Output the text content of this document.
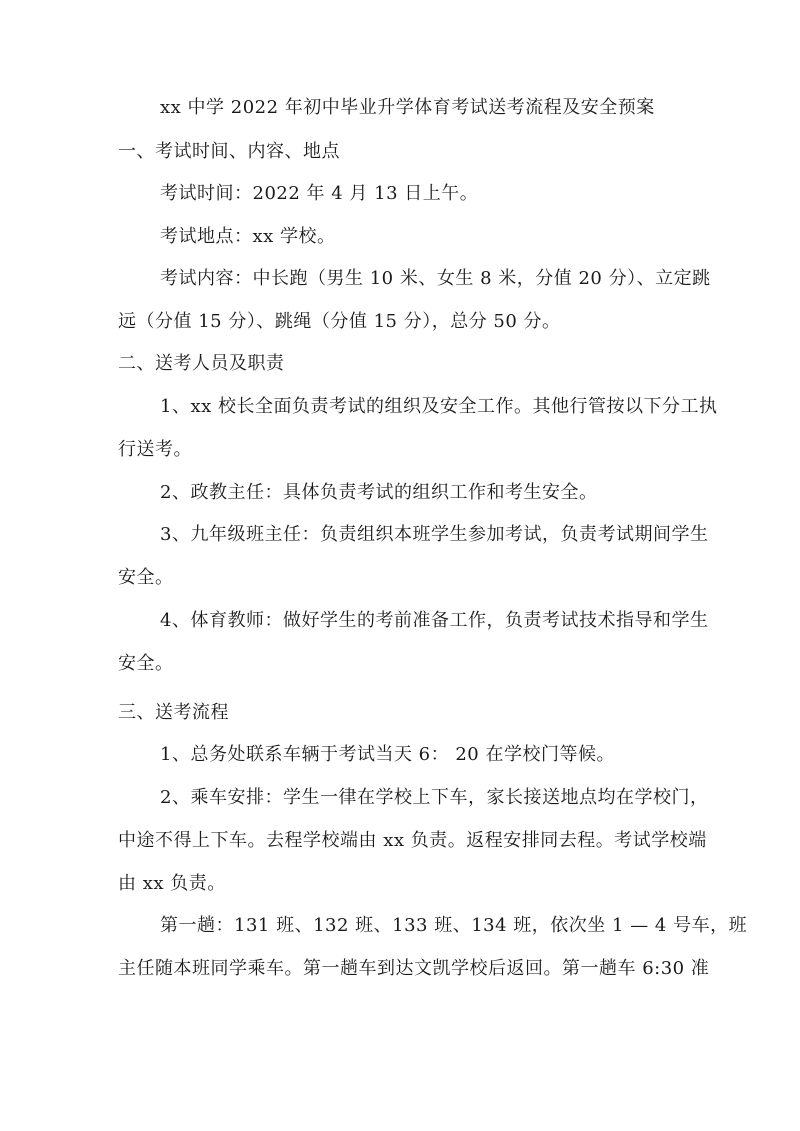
xx 中学 2022 年初中毕业升学体育考试送考流程及安全预案
一、考试时间、内容、地点
考试时间：2022 年 4 月 13 日上午。
考试地点：xx 学校。
考试内容：中长跑（男生 10 米、女生 8 米，分值 20 分）、立定跳
远（分值 15 分）、跳绳（分值 15 分），总分 50 分。
二、送考人员及职责
1、xx 校长全面负责考试的组织及安全工作。其他行管按以下分工执
行送考。
2、政教主任：具体负责考试的组织工作和考生安全。
3、九年级班主任：负责组织本班学生参加考试，负责考试期间学生
安全。
4、体育教师：做好学生的考前准备工作，负责考试技术指导和学生
安全。
三、送考流程
1、总务处联系车辆于考试当天 6： 20 在学校门等候。
2、乘车安排：学生一律在学校上下车，家长接送地点均在学校门，
中途不得上下车。去程学校端由 xx 负责。返程安排同去程。考试学校端
由 xx 负责。
第一趟：131 班、132 班、133 班、134 班，依次坐 1 — 4 号车，班
主任随本班同学乘车。第一趟车到达文凯学校后返回。第一趟车 6:30 准
